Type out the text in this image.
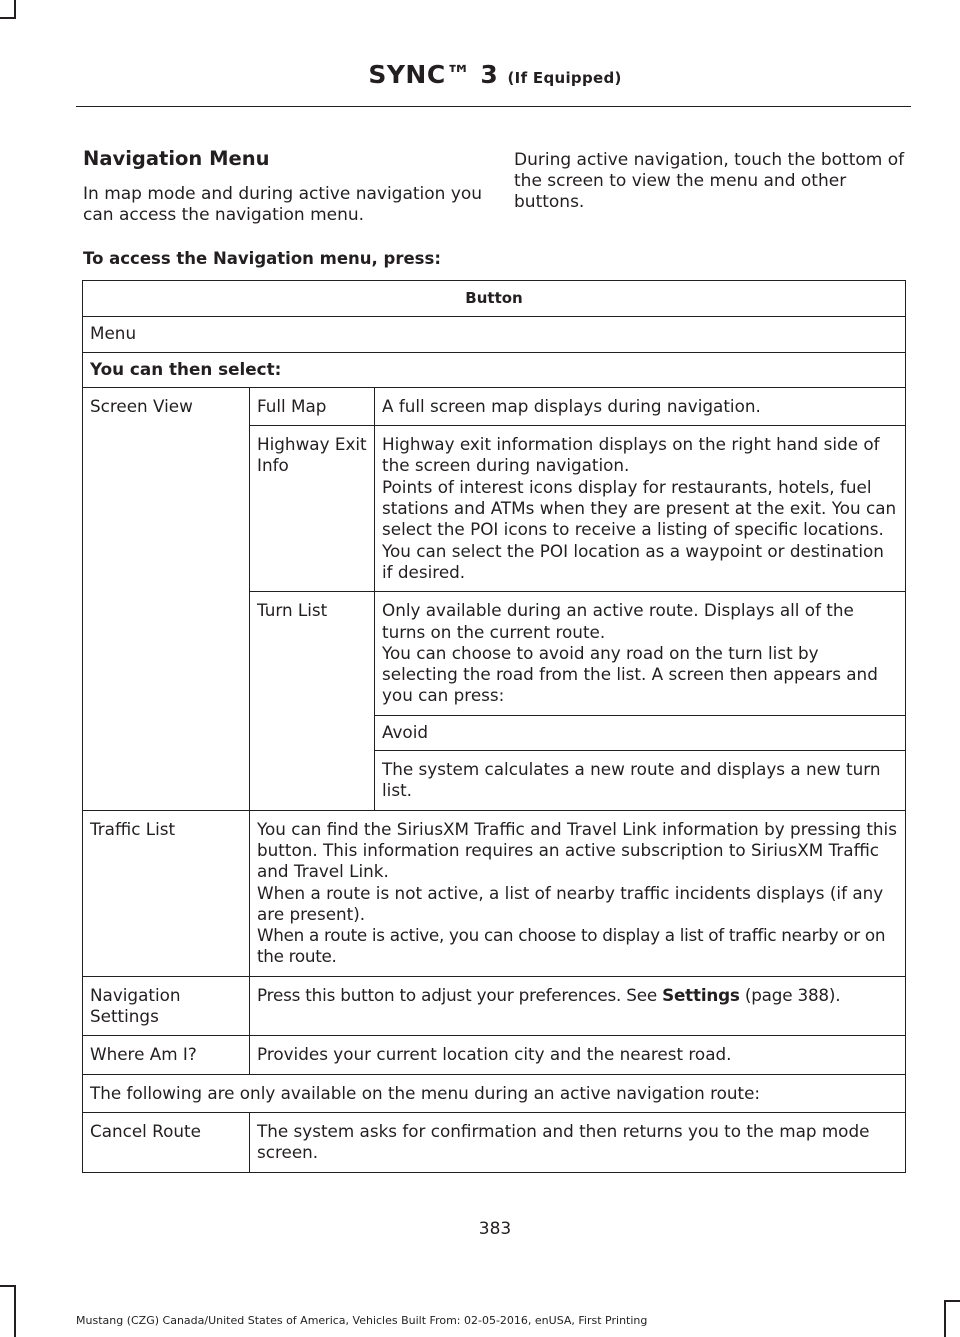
SYNC™ 3 (If Equipped)

Navigation Menu

In map mode and during active navigation you can access the navigation menu.

During active navigation, touch the bottom of the screen to view the menu and other buttons.

To access the Navigation menu, press:
Button		
Menu		
You can then select:		
Screen View	Full Map	A full screen map displays during navigation.
	Highway Exit Info	Highway exit information displays on the right hand side of the screen during navigation.
Points of interest icons display for restaurants, hotels, fuel stations and ATMs when they are present at the exit. You can select the POI icons to receive a listing of specific locations. You can select the POI location as a waypoint or destination if desired.

	Turn List	Only available during an active route. Displays all of the turns on the current route.
You can choose to avoid any road on the turn list by selecting the road from the list. A screen then appears and you can press:

		Avoid
		The system calculates a new route and displays a new turn list.
Traffic List	You can find the SiriusXM Traffic and Travel Link information by pressing this button. This information requires an active subscription to SiriusXM Traffic and Travel Link.
When a route is not active, a list of nearby traffic incidents displays (if any are present).
When a route is active, you can choose to display a list of traffic nearby or on the route.	

Navigation Settings	Press this button to adjust your preferences. See Settings (page 388).	
Where Am I?	Provides your current location city and the nearest road.	
The following are only available on the menu during an active navigation route:		
Cancel Route	The system asks for confirmation and then returns you to the map mode screen.	
383
Mustang (CZG) Canada/United States of America, Vehicles Built From: 02-05-2016, enUSA, First Printing
